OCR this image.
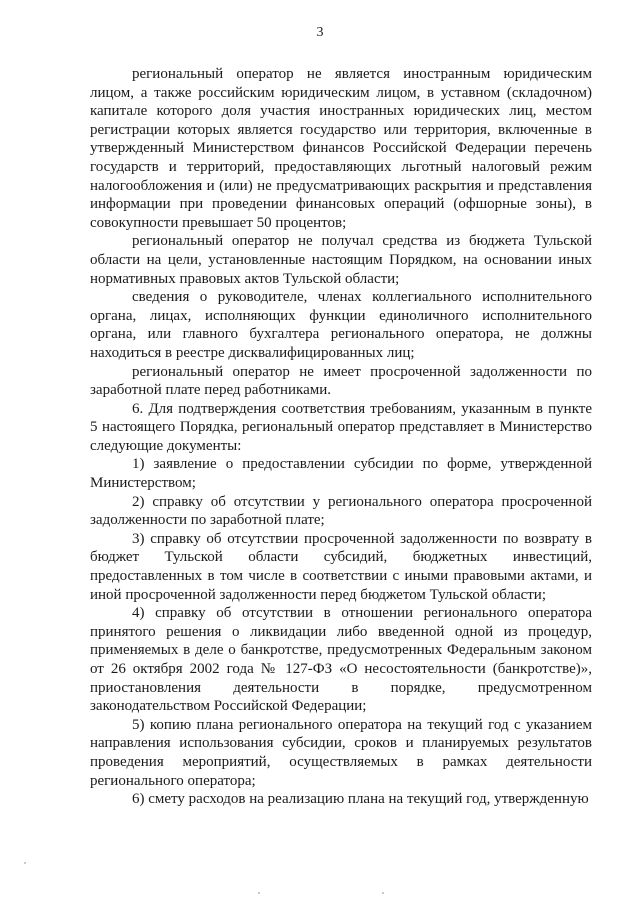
3

региональный оператор не является иностранным юридическим лицом, а также российским юридическим лицом, в уставном (складочном) капитале которого доля участия иностранных юридических лиц, местом регистрации которых является государство или территория, включенные в утвержденный Министерством финансов Российской Федерации перечень государств и территорий, предоставляющих льготный налоговый режим налогообложения и (или) не предусматривающих раскрытия и представления информации при проведении финансовых операций (офшорные зоны), в совокупности превышает 50 процентов;

региональный оператор не получал средства из бюджета Тульской области на цели, установленные настоящим Порядком, на основании иных нормативных правовых актов Тульской области;

сведения о руководителе, членах коллегиального исполнительного органа, лицах, исполняющих функции единоличного исполнительного органа, или главного бухгалтера регионального оператора, не должны находиться в реестре дисквалифицированных лиц;

региональный оператор не имеет просроченной задолженности по заработной плате перед работниками.

6. Для подтверждения соответствия требованиям, указанным в пункте 5 настоящего Порядка, региональный оператор представляет в Министерство следующие документы:

1) заявление о предоставлении субсидии по форме, утвержденной Министерством;

2) справку об отсутствии у регионального оператора просроченной задолженности по заработной плате;

3) справку об отсутствии просроченной задолженности по возврату в бюджет Тульской области субсидий, бюджетных инвестиций, предоставленных в том числе в соответствии с иными правовыми актами, и иной просроченной задолженности перед бюджетом Тульской области;

4) справку об отсутствии в отношении регионального оператора принятого решения о ликвидации либо введенной одной из процедур, применяемых в деле о банкротстве, предусмотренных Федеральным законом от 26 октября 2002 года № 127-ФЗ «О несостоятельности (банкротстве)», приостановления деятельности в порядке, предусмотренном законодательством Российской Федерации;

5) копию плана регионального оператора на текущий год с указанием направления использования субсидии, сроков и планируемых результатов проведения мероприятий, осуществляемых в рамках деятельности регионального оператора;

6) смету расходов на реализацию плана на текущий год, утвержденную
